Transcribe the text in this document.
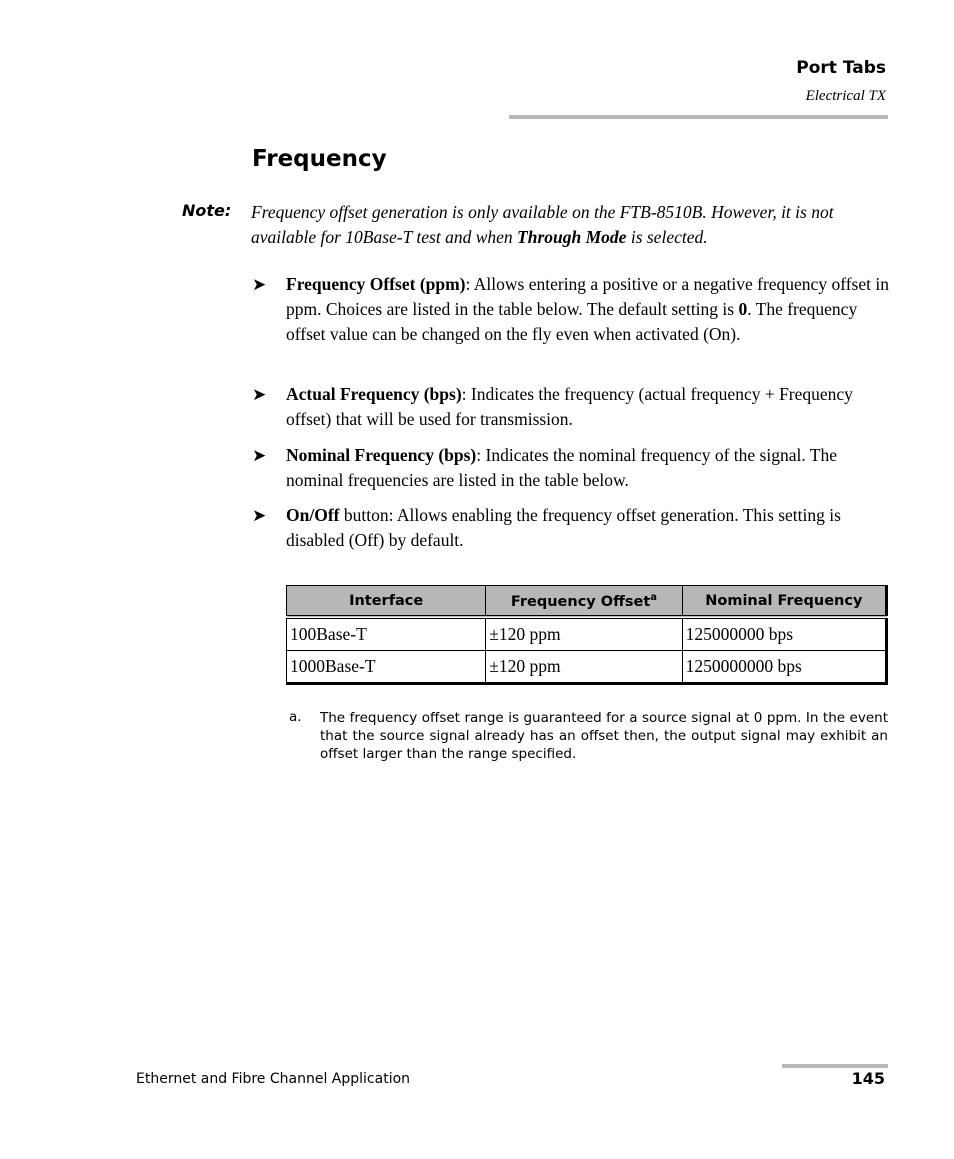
Port Tabs
Electrical TX
Frequency
Note: Frequency offset generation is only available on the FTB-8510B. However, it is not available for 10Base-T test and when Through Mode is selected.
➤	Frequency Offset (ppm): Allows entering a positive or a negative frequency offset in ppm. Choices are listed in the table below. The default setting is 0. The frequency offset value can be changed on the fly even when activated (On).
➤	Actual Frequency (bps): Indicates the frequency (actual frequency + Frequency offset) that will be used for transmission.
➤	Nominal Frequency (bps): Indicates the nominal frequency of the signal. The nominal frequencies are listed in the table below.
➤	On/Off button: Allows enabling the frequency offset generation. This setting is disabled (Off) by default.
Interface	Frequency Offset$^a$	Nominal Frequency
100Base-T	±120 ppm	125000000 bps
1000Base-T	±120 ppm	1250000000 bps
a. The frequency offset range is guaranteed for a source signal at 0 ppm. In the event that the source signal already has an offset then, the output signal may exhibit an offset larger than the range specified.
Ethernet and Fibre Channel Application	145
